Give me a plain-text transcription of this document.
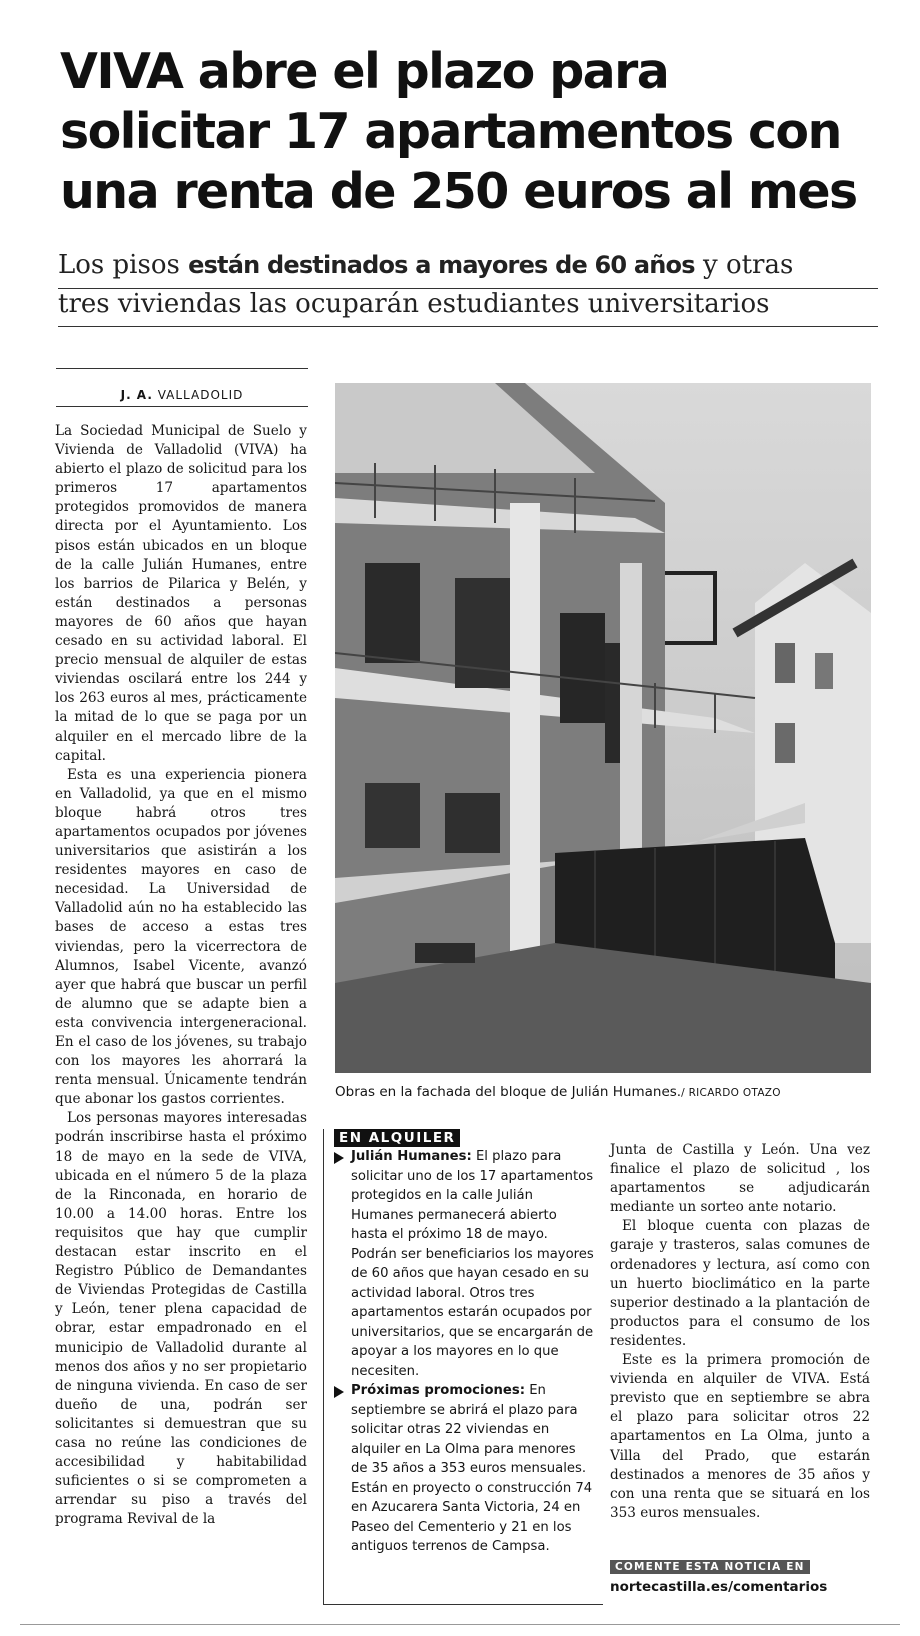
VIVA abre el plazo para
solicitar 17 apartamentos con
una renta de 250 euros al mes
Los pisos están destinados a mayores de 60 años y otras
tres viviendas las ocuparán estudiantes universitarios
J. A. VALLADOLID

La Sociedad Municipal de Suelo y Vivienda de Valladolid (VIVA) ha abierto el plazo de solicitud para los primeros 17 apartamentos protegidos promovidos de manera directa por el Ayuntamiento. Los pisos están ubicados en un bloque de la calle Julián Humanes, entre los barrios de Pilarica y Belén, y están destinados a personas mayores de 60 años que hayan cesado en su actividad laboral. El precio mensual de alquiler de estas viviendas oscilará entre los 244 y los 263 euros al mes, prácticamente la mitad de lo que se paga por un alquiler en el mercado libre de la capital.

Esta es una experiencia pionera en Valladolid, ya que en el mismo bloque habrá otros tres apartamentos ocupados por jóvenes universitarios que asistirán a los residentes mayores en caso de necesidad. La Universidad de Valladolid aún no ha establecido las bases de acceso a estas tres viviendas, pero la vicerrectora de Alumnos, Isabel Vicente, avanzó ayer que habrá que buscar un perfil de alumno que se adapte bien a esta convivencia intergeneracional. En el caso de los jóvenes, su trabajo con los mayores les ahorrará la renta mensual. Únicamente tendrán que abonar los gastos corrientes.

Los personas mayores interesadas podrán inscribirse hasta el próximo 18 de mayo en la sede de VIVA, ubicada en el número 5 de la plaza de la Rinconada, en horario de 10.00 a 14.00 horas. Entre los requisitos que hay que cumplir destacan estar inscrito en el Registro Público de Demandantes de Viviendas Protegidas de Castilla y León, tener plena capacidad de obrar, estar empadronado en el municipio de Valladolid durante al menos dos años y no ser propietario de ninguna vivienda. En caso de ser dueño de una, podrán ser solicitantes si demuestran que su casa no reúne las condiciones de accesibilidad y habitabilidad suficientes o si se comprometen a arrendar su piso a través del programa Revival de la

Obras en la fachada del bloque de Julián Humanes./ RICARDO OTAZO
EN ALQUILER
Julián Humanes: El plazo para solicitar uno de los 17 apartamentos protegidos en la calle Julián Humanes permanecerá abierto hasta el próximo 18 de mayo. Podrán ser beneficiarios los mayores de 60 años que hayan cesado en su actividad laboral. Otros tres apartamentos estarán ocupados por universitarios, que se encargarán de apoyar a los mayores en lo que necesiten.
Próximas promociones: En septiembre se abrirá el plazo para solicitar otras 22 viviendas en alquiler en La Olma para menores de 35 años a 353 euros mensuales. Están en proyecto o construcción 74 en Azucarera Santa Victoria, 24 en Paseo del Cementerio y 21 en los antiguos terrenos de Campsa.

Junta de Castilla y León. Una vez finalice el plazo de solicitud , los apartamentos se adjudicarán mediante un sorteo ante notario.

El bloque cuenta con plazas de garaje y trasteros, salas comunes de ordenadores y lectura, así como con un huerto bioclimático en la parte superior destinado a la plantación de productos para el consumo de los residentes.

Este es la primera promoción de vivienda en alquiler de VIVA. Está previsto que en septiembre se abra el plazo para solicitar otros 22 apartamentos en La Olma, junto a Villa del Prado, que estarán destinados a menores de 35 años y con una renta que se situará en los 353 euros mensuales.

COMENTE ESTA NOTICIA EN
nortecastilla.es/comentarios
